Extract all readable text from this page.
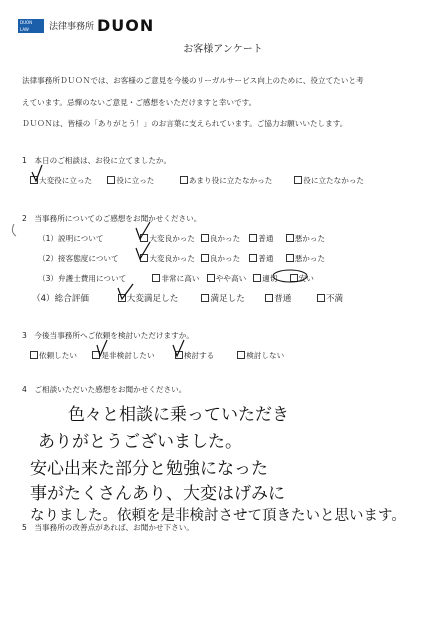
DUON LAW OFFICE
法律事務所 DUON
お客様アンケート
法律事務所ＤＵＯＮでは、お客様のご意見を今後のリーガルサービス向上のために、役立てたいと考
えています。忌憚のないご意見・ご感想をいただけますと幸いです。
ＤＵＯＮは、皆様の「ありがとう！」のお言葉に支えられています。ご協力お願いいたします。
1　本日のご相談は、お役に立てましたか。
大変役に立った	役に立った	あまり役に立たなかった	役に立たなかった
2　当事務所についてのご感想をお聞かせください。
（1）説明について	大変良かった 良かった 普通	悪かった
（2）接客態度について	大変良かった 良かった 普通	悪かった
（3）弁護士費用について	非常に高い やや高い 適切	安い
（4）総合評価	大変満足した	満足した	普通	不満
3　今後当事務所へご依頼を検討いただけますか。
依頼したい	是非検討したい	検討する	検討しない
4　ご相談いただいた感想をお聞かせください。
色々と相談に乗っていただき
ありがとうございました。
安心出来た部分と勉強になった
事がたくさんあり、大変はげみに
なりました。依頼を是非検討させて頂きたいと思います。
5　当事務所の改善点があれば、お聞かせ下さい。
